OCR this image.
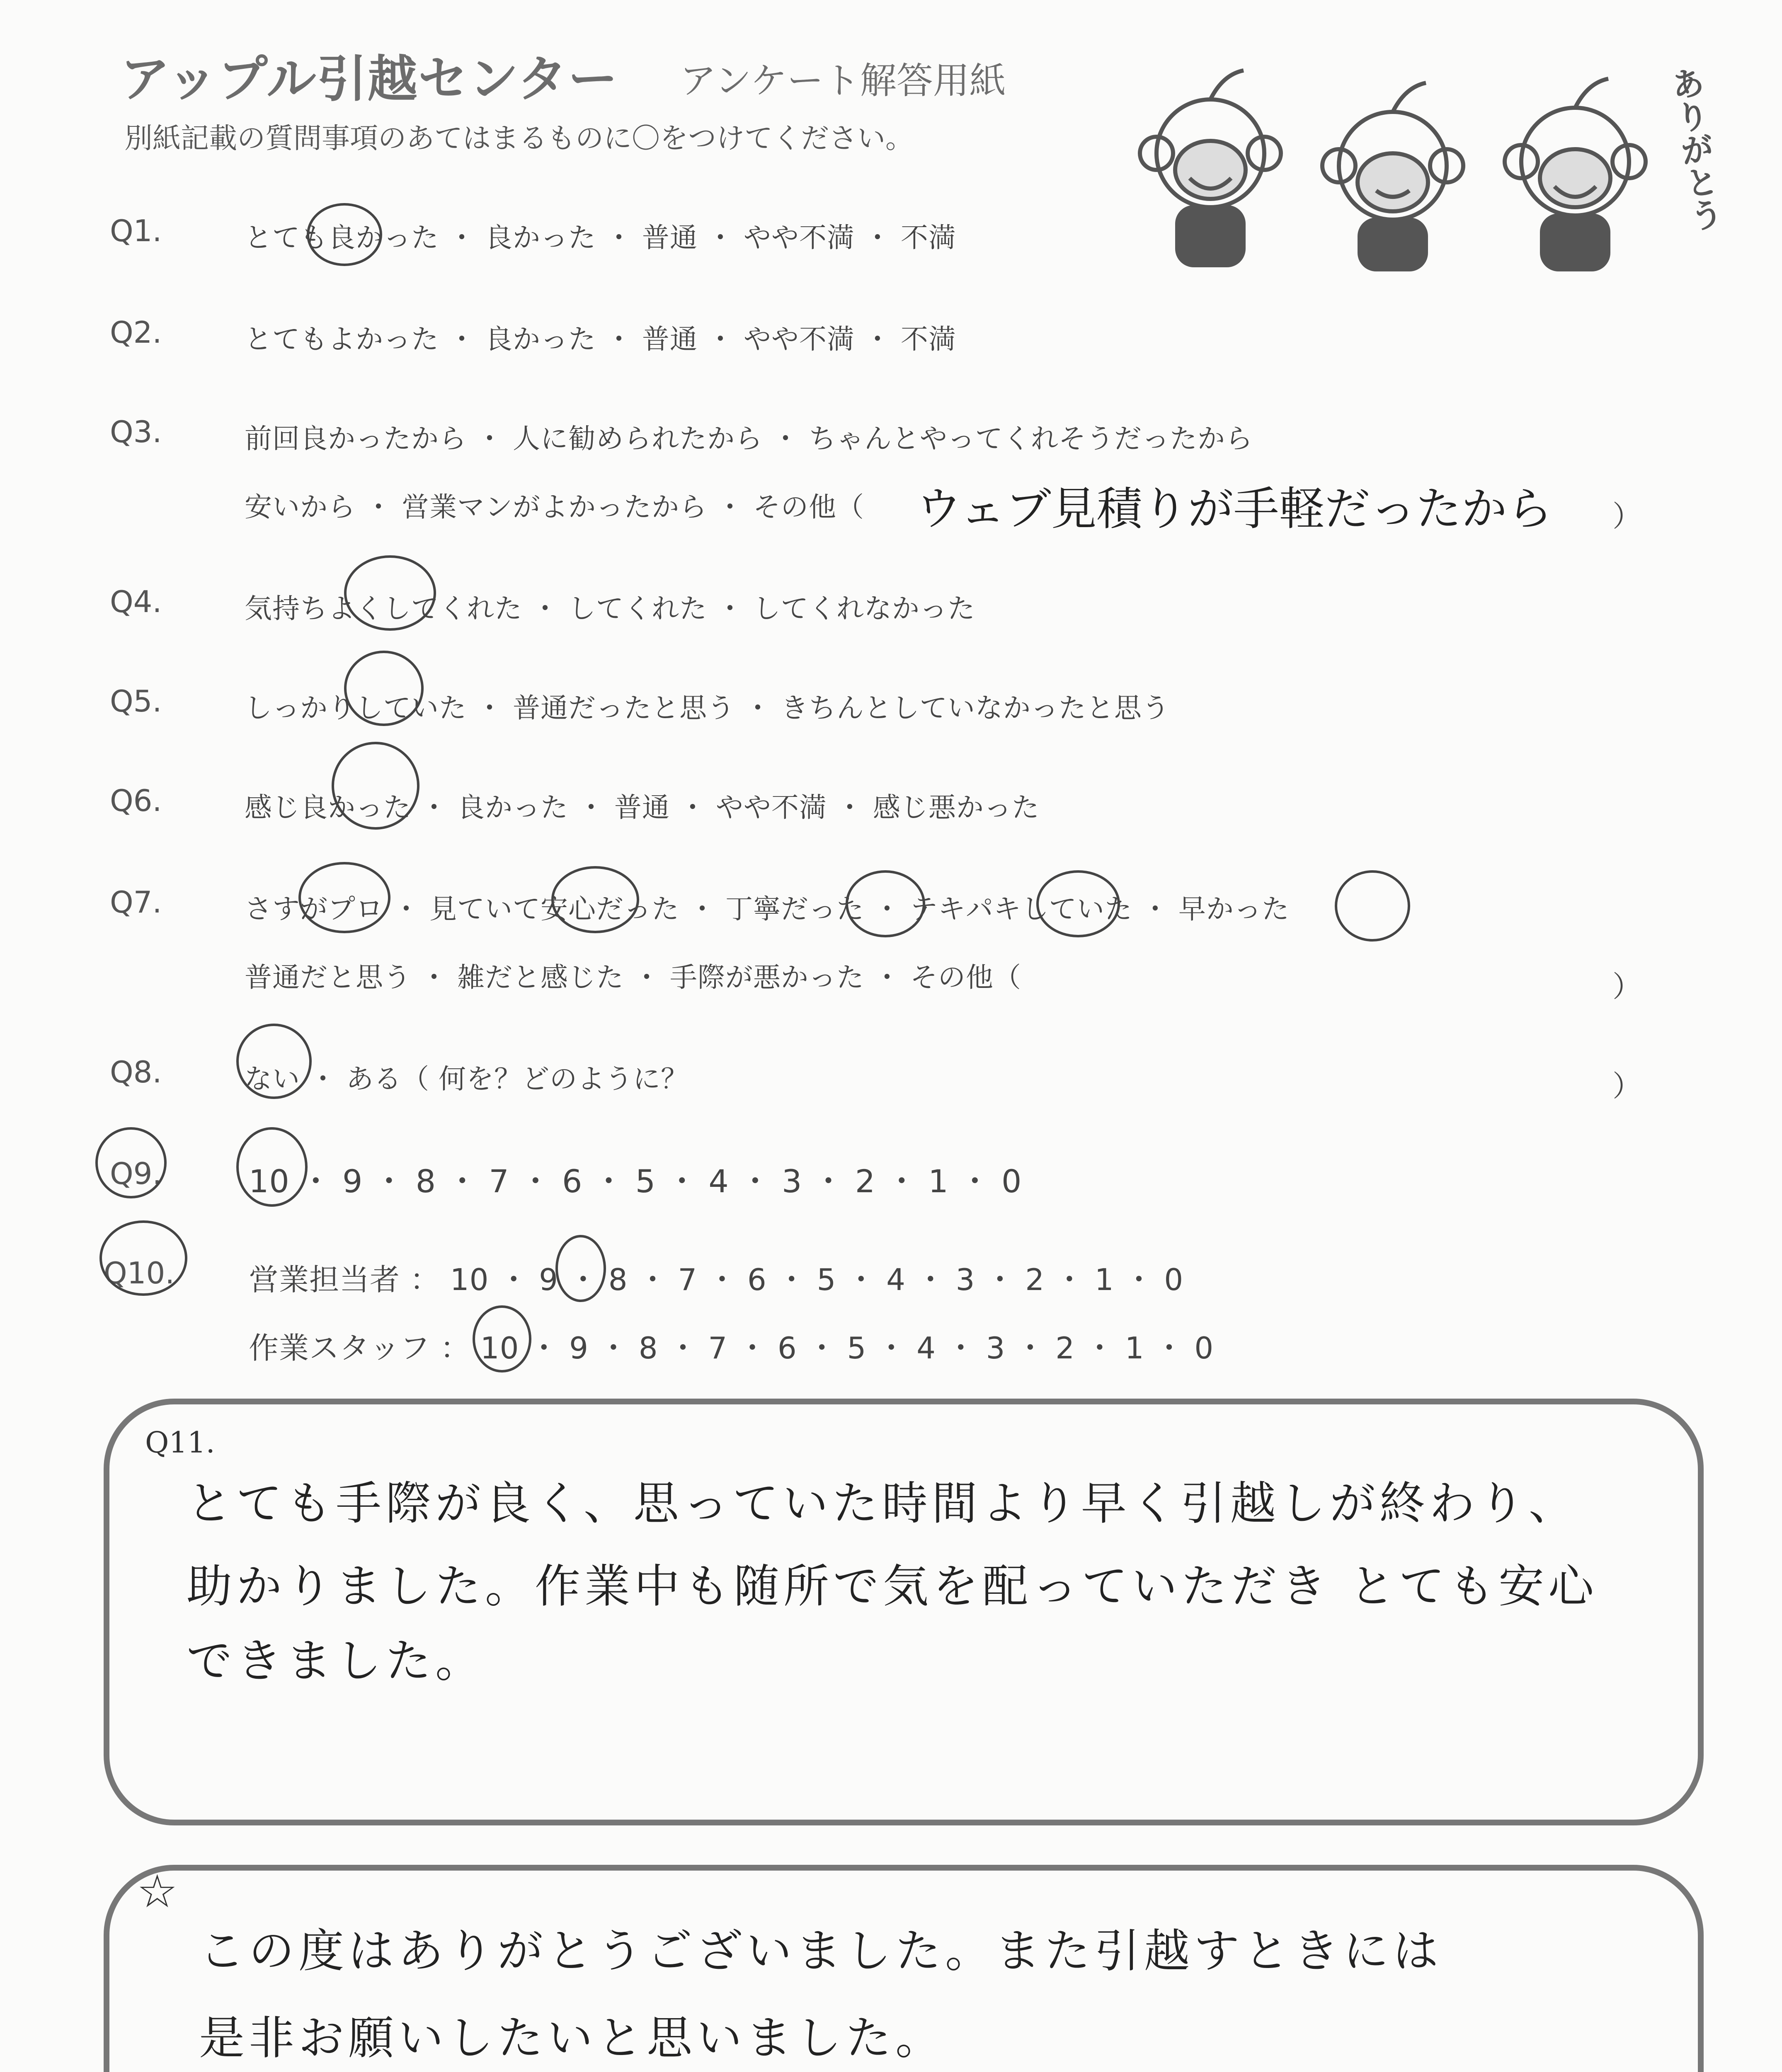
アップル引越センター アンケート解答用紙
別紙記載の質問事項のあてはまるものに〇をつけてください。	ありがとう
Q1.	とても良かった ・ 良かった ・ 普通 ・ やや不満 ・ 不満
Q2.	とてもよかった ・ 良かった ・ 普通 ・ やや不満 ・ 不満
Q3.	前回良かったから ・ 人に勧められたから ・ ちゃんとやってくれそうだったから
安いから ・ 営業マンがよかったから ・ その他（ ウェブ見積りが手軽だったから ）
Q4.	気持ちよくしてくれた ・ してくれた ・ してくれなかった
Q5.	しっかりしていた ・ 普通だったと思う ・ きちんとしていなかったと思う
Q6.	感じ良かった ・ 良かった ・ 普通 ・ やや不満 ・ 感じ悪かった
Q7.	さすがプロ ・ 見ていて安心だった ・ 丁寧だった ・ テキパキしていた ・ 早かった
普通だと思う ・ 雑だと感じた ・ 手際が悪かった ・ その他（	）
Q8.	ない ・ ある（ 何を？どのように？	）
Q9.	10 ・ 9 ・ 8 ・ 7 ・ 6 ・ 5 ・ 4 ・ 3 ・ 2 ・ 1 ・ 0
Q10. 営業担当者 ： 10 ・ 9 ・ 8 ・ 7 ・ 6 ・ 5 ・ 4 ・ 3 ・ 2 ・ 1 ・ 0
作業スタッフ ： 10 ・ 9 ・ 8 ・ 7 ・ 6 ・ 5 ・ 4 ・ 3 ・ 2 ・ 1 ・ 0
Q11.
とても手際が良く、思っていた時間より早く引越しが終わり、
助かりました。作業中も随所で気を配っていただき とても安心
できました。
☆
この度はありがとうございました。また引越すときには
是非お願いしたいと思いました。
